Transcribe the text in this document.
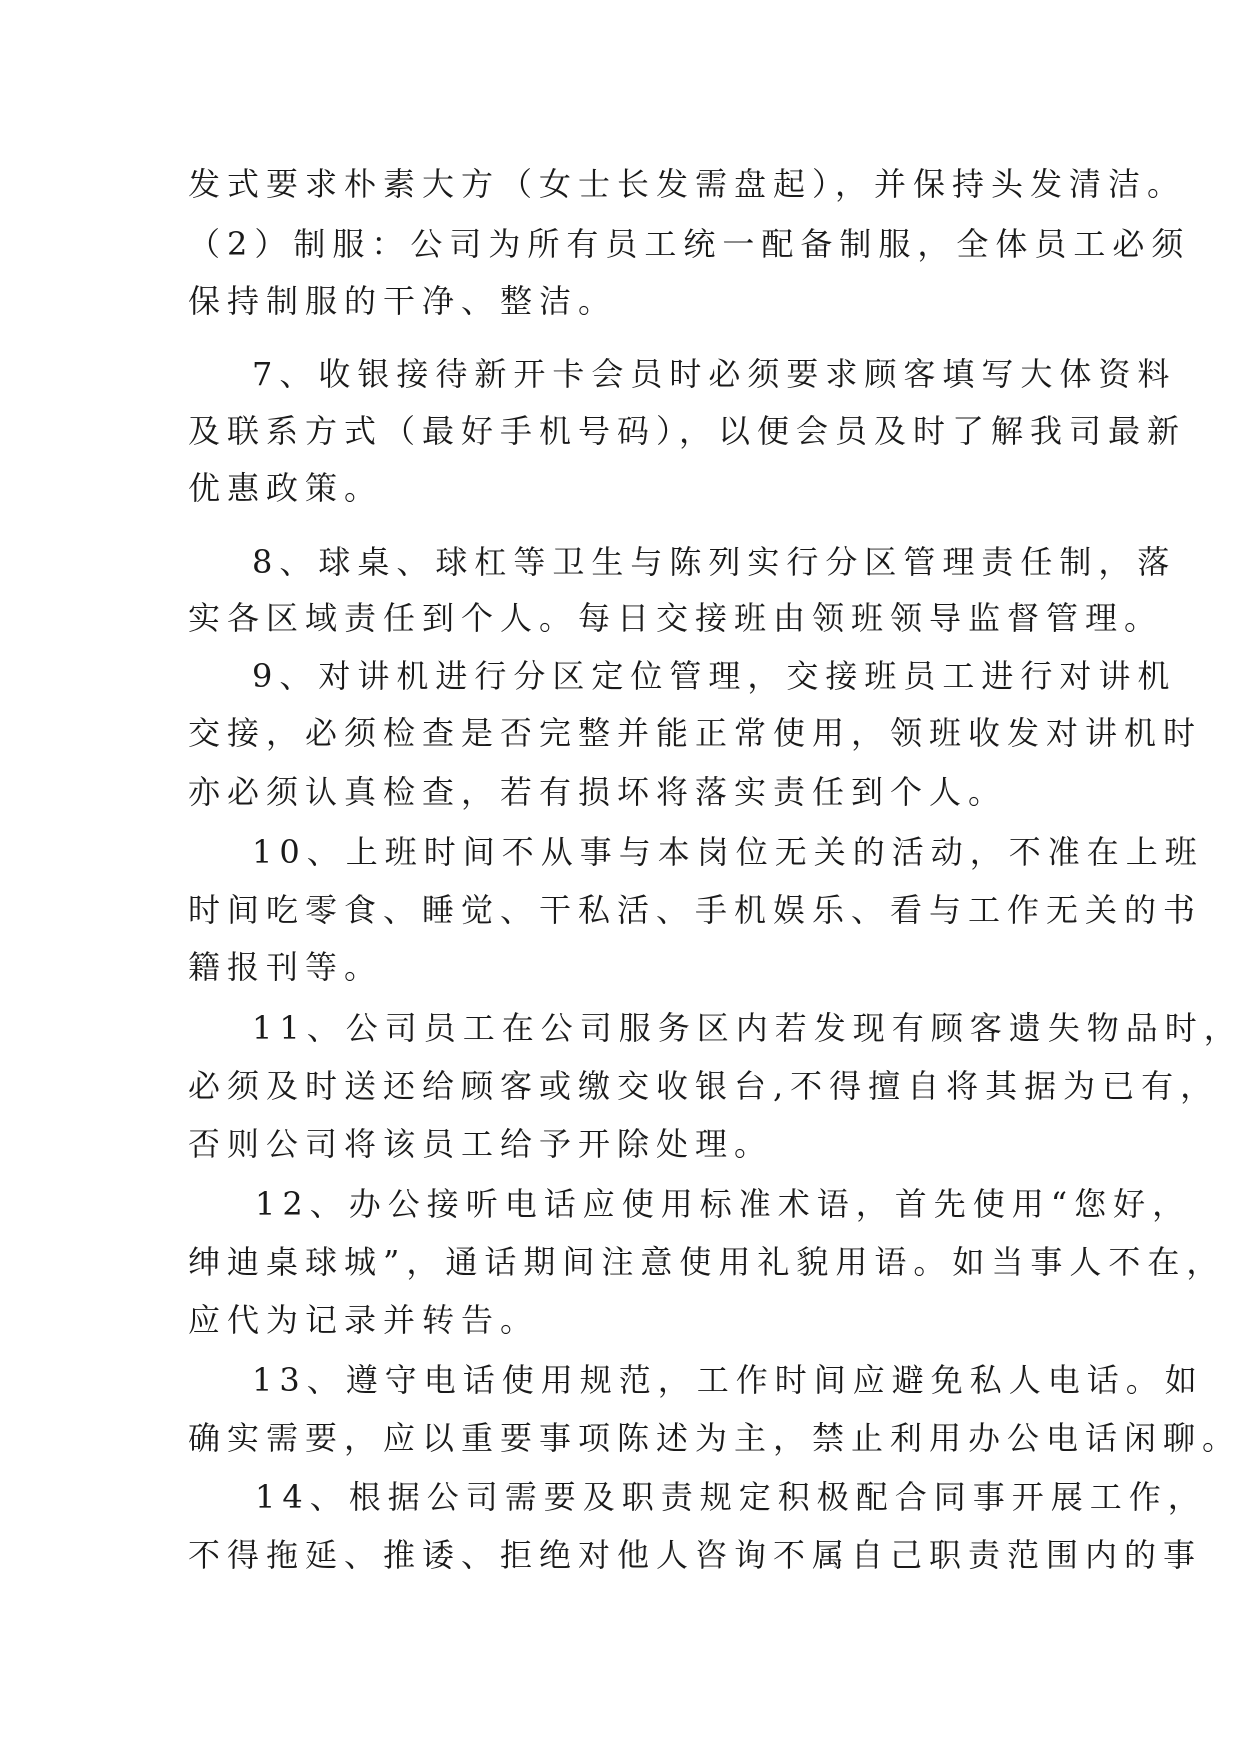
发式要求朴素大方（女士长发需盘起），并保持头发清洁。
（2）制服：公司为所有员工统一配备制服，全体员工必须
保持制服的干净、整洁。
7、收银接待新开卡会员时必须要求顾客填写大体资料
及联系方式（最好手机号码），以便会员及时了解我司最新
优惠政策。
8、球桌、球杠等卫生与陈列实行分区管理责任制，落
实各区域责任到个人。每日交接班由领班领导监督管理。
9、对讲机进行分区定位管理，交接班员工进行对讲机
交接，必须检查是否完整并能正常使用，领班收发对讲机时
亦必须认真检查，若有损坏将落实责任到个人。
10、上班时间不从事与本岗位无关的活动，不准在上班
时间吃零食、睡觉、干私活、手机娱乐、看与工作无关的书
籍报刊等。
11、公司员工在公司服务区内若发现有顾客遗失物品时，
必须及时送还给顾客或缴交收银台,不得擅自将其据为已有，
否则公司将该员工给予开除处理。
12、办公接听电话应使用标准术语，首先使用“您好，
绅迪桌球城”，通话期间注意使用礼貌用语。如当事人不在，
应代为记录并转告。
13、遵守电话使用规范，工作时间应避免私人电话。如
确实需要，应以重要事项陈述为主，禁止利用办公电话闲聊。
14、根据公司需要及职责规定积极配合同事开展工作，
不得拖延、推诿、拒绝对他人咨询不属自己职责范围内的事
